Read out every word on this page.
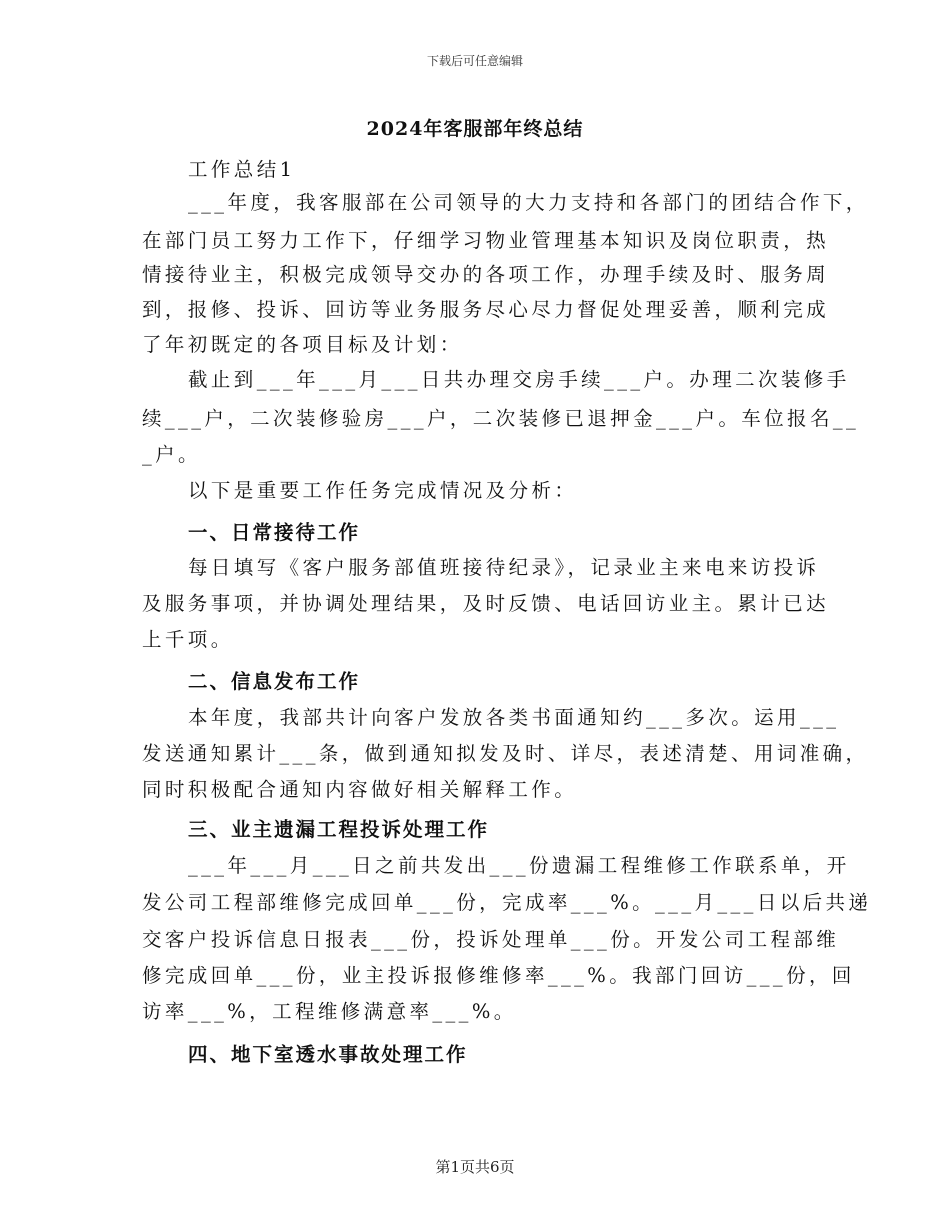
下载后可任意编辑
2024年客服部年终总结
工作总结1
___年度，我客服部在公司领导的大力支持和各部门的团结合作下，
在部门员工努力工作下，仔细学习物业管理基本知识及岗位职责，热
情接待业主，积极完成领导交办的各项工作，办理手续及时、服务周
到，报修、投诉、回访等业务服务尽心尽力督促处理妥善，顺利完成
了年初既定的各项目标及计划：
截止到___年___月___日共办理交房手续___户。办理二次装修手
续___户，二次装修验房___户，二次装修已退押金___户。车位报名__
_户。
以下是重要工作任务完成情况及分析：
一、日常接待工作
每日填写《客户服务部值班接待纪录》，记录业主来电来访投诉
及服务事项，并协调处理结果，及时反馈、电话回访业主。累计已达
上千项。
二、信息发布工作
本年度，我部共计向客户发放各类书面通知约___多次。运用___
发送通知累计___条，做到通知拟发及时、详尽，表述清楚、用词准确，
同时积极配合通知内容做好相关解释工作。
三、业主遗漏工程投诉处理工作
___年___月___日之前共发出___份遗漏工程维修工作联系单，开
发公司工程部维修完成回单___份，完成率___%。___月___日以后共递
交客户投诉信息日报表___份，投诉处理单___份。开发公司工程部维
修完成回单___份，业主投诉报修维修率___%。我部门回访___份，回
访率___%，工程维修满意率___%。
四、地下室透水事故处理工作
第1页共6页
